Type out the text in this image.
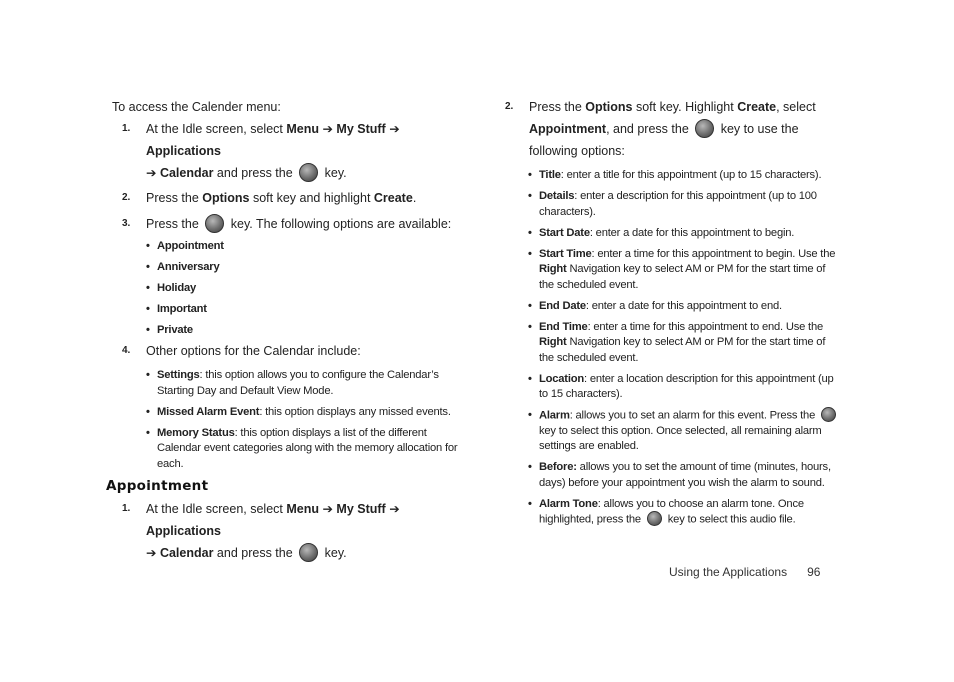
To access the Calender menu:
1.	At the Idle screen, select Menu ➔ My Stuff ➔ Applications
➔ Calendar and press the  key.
2.	Press the Options soft key and highlight Create.
3.	Press the  key. The following options are available:
• Appointment
• Anniversary
• Holiday
• Important
• Private
4.	Other options for the Calendar include:
• Settings: this option allows you to configure the Calendar’s Starting Day and Default View Mode.
• Missed Alarm Event: this option displays any missed events.
• Memory Status: this option displays a list of the different Calendar event categories along with the memory allocation for each.
Appointment
1.	At the Idle screen, select Menu ➔ My Stuff ➔ Applications
➔ Calendar and press the  key.
2.	Press the Options soft key. Highlight Create, select
Appointment, and press the  key to use the following options:
• Title: enter a title for this appointment (up to 15 characters).
• Details: enter a description for this appointment (up to 100 characters).
• Start Date: enter a date for this appointment to begin.
• Start Time: enter a time for this appointment to begin. Use the Right Navigation key to select AM or PM for the start time of the scheduled event.
• End Date: enter a date for this appointment to end.
• End Time: enter a time for this appointment to end. Use the Right Navigation key to select AM or PM for the start time of the scheduled event.
• Location: enter a location description for this appointment (up to 15 characters).
• Alarm: allows you to set an alarm for this event. Press the  key to select this option. Once selected, all remaining alarm settings are enabled.
• Before: allows you to set the amount of time (minutes, hours, days) before your appointment you wish the alarm to sound.
• Alarm Tone: allows you to choose an alarm tone. Once highlighted, press the  key to select this audio file.
Using the Applications 96
